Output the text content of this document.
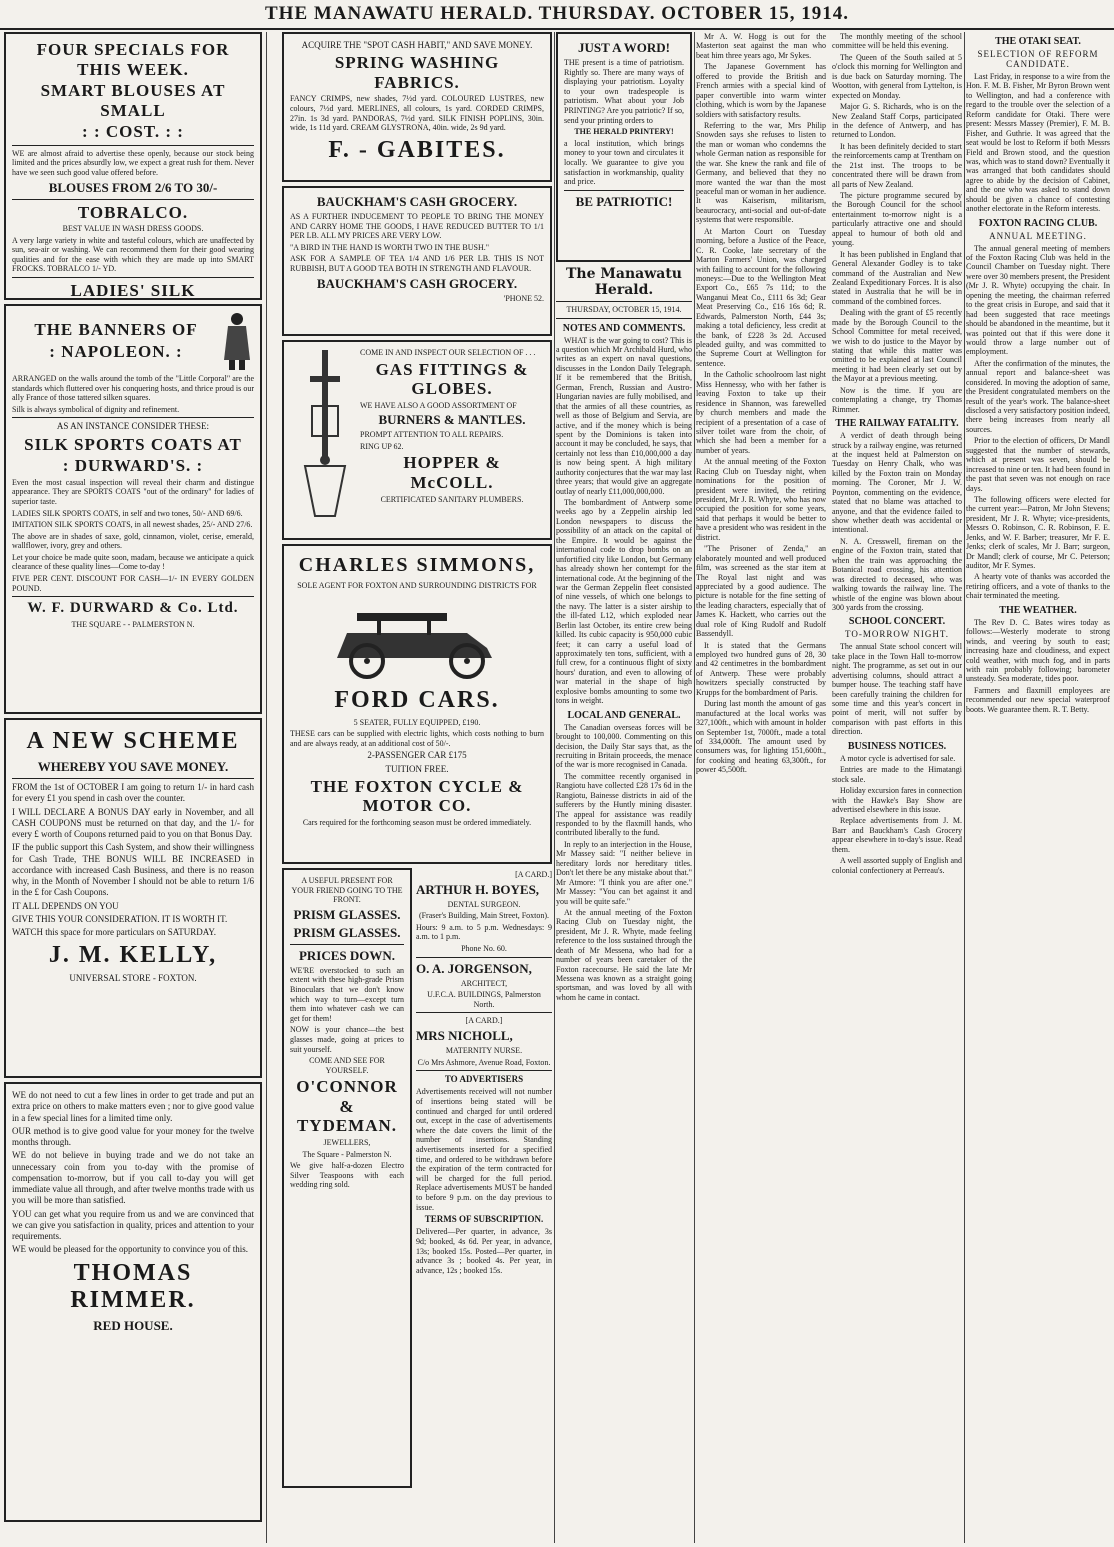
THE MANAWATU HERALD. THURSDAY. OCTOBER 15, 1914.
FOUR SPECIALS FOR THIS WEEK.
SMART BLOUSES AT SMALL
: : COST. : :
WE are almost afraid to advertise these openly, because our stock being limited and the prices absurdly low, we expect a great rush for them. Never have we seen such good value offered before.
BLOUSES FROM 2/6 TO 30/-
TOBRALCO.
BEST VALUE IN WASH DRESS GOODS.
A very large variety in white and tasteful colours, which are unaffected by sun, sea-air or washing. We can recommend them for their good wearing qualities and for the ease with which they are made up into SMART FROCKS. TOBRALCO 1/- YD.
LADIES' SILK

THE BANNERS OF
: NAPOLEON. :
ARRANGED on the walls around the tomb of the "Little Corporal" are the standards which fluttered over his conquering hosts, and thrice proud is our ally France of those tattered silken squares.
Silk is always symbolical of dignity and refinement.
AS AN INSTANCE CONSIDER THESE:
SILK SPORTS COATS AT
: DURWARD'S. :
Even the most casual inspection will reveal their charm and distingue appearance. They are SPORTS COATS "out of the ordinary" for ladies of superior taste.
LADIES SILK SPORTS COATS, in self and two tones, 50/- AND 69/6.
IMITATION SILK SPORTS COATS, in all newest shades, 25/- AND 27/6.
The above are in shades of saxe, gold, cinnamon, violet, cerise, emerald, wallflower, ivory, grey and others.
Let your choice be made quite soon, madam, because we anticipate a quick clearance of these quality lines—Come to-day !
FIVE PER CENT. DISCOUNT FOR CASH—1/- IN EVERY GOLDEN POUND.
W. F. DURWARD & Co. Ltd.
THE SQUARE - - PALMERSTON N.
A NEW SCHEME
WHEREBY YOU SAVE MONEY.
FROM the 1st of OCTOBER I am going to return 1/- in hard cash for every £1 you spend in cash over the counter.
I WILL DECLARE A BONUS DAY early in November, and all CASH COUPONS must be returned on that day, and the 1/- for every £ worth of Coupons returned paid to you on that Bonus Day.
IF the public support this Cash System, and show their willingness for Cash Trade, THE BONUS WILL BE INCREASED in accordance with increased Cash Business, and there is no reason why, in the Month of November I should not be able to return 1/6 in the £ for Cash Coupons.
IT ALL DEPENDS ON YOU
GIVE THIS YOUR CONSIDERATION. IT IS WORTH IT.
WATCH this space for more particulars on SATURDAY.
J. M. KELLY,
UNIVERSAL STORE - FOXTON.
WE do not need to cut a few lines in order to get trade and put an extra price on others to make matters even ; nor to give good value in a few special lines for a limited time only.
OUR method is to give good value for your money for the twelve months through.
WE do not believe in buying trade and we do not take an unnecessary coin from you to-day with the promise of compensation to-morrow, but if you call to-day you will get immediate value all through, and after twelve months trade with us you will be more than satisfied.
YOU can get what you require from us and we are convinced that we can give you satisfaction in quality, prices and attention to your requirements.
WE would be pleased for the opportunity to convince you of this.
THOMAS RIMMER.
RED HOUSE.
ACQUIRE THE "SPOT CASH HABIT," AND SAVE MONEY.
SPRING WASHING FABRICS.
FANCY CRIMPS, new shades, 7½d yard. COLOURED LUSTRES, new colours, 7½d yard. MERLINES, all colours, 1s yard. CORDED CRIMPS, 27in. 1s 3d yard. PANDORAS, 7½d yard. SILK FINISH POPLINS, 30in. wide, 1s 11d yard. CREAM GLYSTRONA, 40in. wide, 2s 9d yard.
F. - GABITES.
BAUCKHAM'S CASH GROCERY.
AS A FURTHER INDUCEMENT TO PEOPLE TO BRING THE MONEY AND CARRY HOME THE GOODS, I HAVE REDUCED BUTTER TO 1/1 PER LB. ALL MY PRICES ARE VERY LOW.
"A BIRD IN THE HAND IS WORTH TWO IN THE BUSH."
ASK FOR A SAMPLE OF TEA 1/4 AND 1/6 PER LB. THIS IS NOT RUBBISH, BUT A GOOD TEA BOTH IN STRENGTH AND FLAVOUR.
BAUCKHAM'S CASH GROCERY.
'PHONE 52.
COME IN AND INSPECT OUR SELECTION OF . . .
GAS FITTINGS & GLOBES.
WE HAVE ALSO A GOOD ASSORTMENT OF
BURNERS & MANTLES.
PROMPT ATTENTION TO ALL REPAIRS.
RING UP 62.
HOPPER & McCOLL.
CERTIFICATED SANITARY PLUMBERS.
CHARLES SIMMONS,
SOLE AGENT FOR FOXTON AND SURROUNDING DISTRICTS FOR
FORD CARS.
5 SEATER, FULLY EQUIPPED, £190.
THESE cars can be supplied with electric lights, which costs nothing to burn and are always ready, at an additional cost of 50/-.
2-PASSENGER CAR £175
TUITION FREE.
THE FOXTON CYCLE & MOTOR CO.
Cars required for the forthcoming season must be ordered immediately.
A USEFUL PRESENT FOR YOUR FRIEND GOING TO THE FRONT.
PRISM GLASSES.
PRISM GLASSES.
PRICES DOWN.
WE'RE overstocked to such an extent with these high-grade Prism Binoculars that we don't know which way to turn—except turn them into whatever cash we can get for them!
NOW is your chance—the best glasses made, going at prices to suit yourself.
COME AND SEE FOR YOURSELF.
O'CONNOR & TYDEMAN.
JEWELLERS,
The Square - Palmerston N.
We give half-a-dozen Electro Silver Teaspoons with each wedding ring sold.
[A CARD.]
ARTHUR H. BOYES,
DENTAL SURGEON.
(Fraser's Building, Main Street, Foxton).
Hours: 9 a.m. to 5 p.m. Wednesdays: 9 a.m. to 1 p.m.
Phone No. 60.
O. A. JORGENSON,
ARCHITECT,
U.F.C.A. BUILDINGS, Palmerston North.
[A CARD.]
MRS NICHOLL,
MATERNITY NURSE.
C/o Mrs Ashmore, Avenue Road, Foxton.
TO ADVERTISERS
Advertisements received will not number of insertions being stated will be continued and charged for until ordered out, except in the case of advertisements where the date covers the limit of the number of insertions. Standing advertisements inserted for a specified time, and ordered to be withdrawn before the expiration of the term contracted for will be charged for the full period. Replace advertisements MUST be handed to before 9 p.m. on the day previous to issue.
TERMS OF SUBSCRIPTION.
Delivered—Per quarter, in advance, 3s 9d; booked, 4s 6d. Per year, in advance, 13s; booked 15s. Posted—Per quarter, in advance 3s ; booked 4s. Per year, in advance, 12s ; booked 15s.
JUST A WORD!
THE present is a time of patriotism. Rightly so. There are many ways of displaying your patriotism. Loyalty to your own tradespeople is patriotism. What about your Job PRINTING? Are you patriotic? If so, send your printing orders to
THE HERALD PRINTERY!
a local institution, which brings money to your town and circulates it locally. We guarantee to give you satisfaction in workmanship, quality and price.
BE PATRIOTIC!
The Manawatu Herald.
THURSDAY, OCTOBER 15, 1914.
NOTES AND COMMENTS.
WHAT is the war going to cost? This is a question which Mr Archibald Hurd, who writes as an expert on naval questions, discusses in the London Daily Telegraph. If it be remembered that the British, German, French, Russian and Austro-Hungarian navies are fully mobilised, and that the armies of all these countries, as well as those of Belgium and Servia, are active, and if the money which is being spent by the Dominions is taken into account it may be concluded, he says, that certainly not less than £10,000,000 a day is now being spent. A high military authority conjectures that the war may last three years; that would give an aggregate outlay of nearly £11,000,000,000.
The bombardment of Antwerp some weeks ago by a Zeppelin airship led London newspapers to discuss the possibility of an attack on the capital of the Empire. It would be against the international code to drop bombs on an unfortified city like London, but Germany has already shown her contempt for the international code. At the beginning of the war the German Zeppelin fleet consisted of nine vessels, of which one belongs to the navy. The latter is a sister airship to the ill-fated L12, which exploded near Berlin last October, its entire crew being killed. Its cubic capacity is 950,000 cubic feet; it can carry a useful load of approximately ten tons, sufficient, with a full crew, for a continuous flight of sixty hours' duration, and even to allowing of war material in the shape of high explosive bombs amounting to some two tons in weight.
LOCAL AND GENERAL.
The Canadian overseas forces will be brought to 100,000. Commenting on this decision, the Daily Star says that, as the recruiting in Britain proceeds, the menace of the war is more recognised in Canada.
The committee recently organised in Rangiotu have collected £28 17s 6d in the Rangiotu, Bainesse districts in aid of the sufferers by the Huntly mining disaster. The appeal for assistance was readily responded to by the flaxmill hands, who contributed liberally to the fund.
In reply to an interjection in the House, Mr Massey said: "I neither believe in hereditary lords nor hereditary titles. Don't let there be any mistake about that." Mr Atmore: "I think you are after one." Mr Massey: "You can bet against it and you will be quite safe."
At the annual meeting of the Foxton Racing Club on Tuesday night, the president, Mr J. R. Whyte, made feeling reference to the loss sustained through the death of Mr Messena, who had for a number of years been caretaker of the Foxton racecourse. He said the late Mr Messena was known as a straight going sportsman, and was loved by all with whom he came in contact.
Mr A. W. Hogg is out for the Masterton seat against the man who beat him three years ago, Mr Sykes.
The Japanese Government has offered to provide the British and French armies with a special kind of paper convertible into warm winter clothing, which is worn by the Japanese soldiers with satisfactory results.
Referring to the war, Mrs Philip Snowden says she refuses to listen to the man or woman who condemns the whole German nation as responsible for the war. She knew the rank and file of Germany, and believed that they no more wanted the war than the most peaceful man or woman in her audience. It was Kaiserism, militarism, beaurocracy, anti-social and out-of-date systems that were responsible.
At Marton Court on Tuesday morning, before a Justice of the Peace, C. R. Cooke, late secretary of the Marton Farmers' Union, was charged with failing to account for the following moneys:—Due to the Wellington Meat Export Co., £65 7s 11d; to the Wanganui Meat Co., £111 6s 3d; Gear Meat Preserving Co., £16 16s 6d; R. Edwards, Palmerston North, £44 3s; making a total deficiency, less credit at the bank, of £228 3s 2d. Accused pleaded guilty, and was committed to the Supreme Court at Wellington for sentence.
In the Catholic schoolroom last night Miss Hennessy, who with her father is leaving Foxton to take up their residence in Shannon, was farewelled by church members and made the recipient of a presentation of a case of silver toilet ware from the choir, of which she had been a member for a number of years.
At the annual meeting of the Foxton Racing Club on Tuesday night, when nominations for the position of president were invited, the retiring president, Mr J. R. Whyte, who has now occupied the position for some years, said that perhaps it would be better to have a president who was resident in the district.
"The Prisoner of Zenda," an elaborately mounted and well produced film, was screened as the star item at The Royal last night and was appreciated by a good audience. The picture is notable for the fine setting of the leading characters, especially that of James K. Hackett, who carries out the dual role of King Rudolf and Rudolf Bassendyll.
It is stated that the Germans employed two hundred guns of 28, 30 and 42 centimetres in the bombardment of Antwerp. These were probably howitzers specially constructed by Krupps for the bombardment of Paris.
During last month the amount of gas manufactured at the local works was 327,100ft., which with amount in holder on September 1st, 7000ft., made a total of 334,000ft. The amount used by consumers was, for lighting 151,600ft., for cooking and heating 63,300ft., for power 45,500ft.
The monthly meeting of the school committee will be held this evening.
The Queen of the South sailed at 5 o'clock this morning for Wellington and is due back on Saturday morning. The Wootton, with general from Lyttelton, is expected on Monday.
Major G. S. Richards, who is on the New Zealand Staff Corps, participated in the defence of Antwerp, and has returned to London.
It has been definitely decided to start the reinforcements camp at Trentham on the 21st inst. The troops to be concentrated there will be drawn from all parts of New Zealand.
The picture programme secured by the Borough Council for the school entertainment to-morrow night is a particularly attractive one and should appeal to humour of both old and young.
It has been published in England that General Alexander Godley is to take command of the Australian and New Zealand Expeditionary Forces. It is also stated in Australia that he will be in command of the combined forces.
Dealing with the grant of £5 recently made by the Borough Council to the School Committee for metal received, we wish to do justice to the Mayor by stating that while this matter was omitted to be explained at last Council meeting it had been clearly set out by the Mayor at a previous meeting.
Now is the time. If you are contemplating a change, try Thomas Rimmer.
THE RAILWAY FATALITY.
A verdict of death through being struck by a railway engine, was returned at the inquest held at Palmerston on Tuesday on Henry Chalk, who was killed by the Foxton train on Monday morning. The Coroner, Mr J. W. Poynton, commenting on the evidence, stated that no blame was attached to anyone, and that the evidence failed to show whether death was accidental or intentional.
N. A. Cresswell, fireman on the engine of the Foxton train, stated that when the train was approaching the Botanical road crossing, his attention was directed to deceased, who was walking towards the railway line. The whistle of the engine was blown about 300 yards from the crossing.
SCHOOL CONCERT.
TO-MORROW NIGHT.
The annual State school concert will take place in the Town Hall to-morrow night. The programme, as set out in our advertising columns, should attract a bumper house. The teaching staff have been carefully training the children for some time and this year's concert in point of merit, will not suffer by comparison with past efforts in this direction.
BUSINESS NOTICES.
A motor cycle is advertised for sale.
Entries are made to the Himatangi stock sale.
Holiday excursion fares in connection with the Hawke's Bay Show are advertised elsewhere in this issue.
Replace advertisements from J. M. Barr and Bauckham's Cash Grocery appear elsewhere in to-day's issue. Read them.
A well assorted supply of English and colonial confectionery at Perreau's.
THE OTAKI SEAT.
SELECTION OF REFORM CANDIDATE.
Last Friday, in response to a wire from the Hon. F. M. B. Fisher, Mr Byron Brown went to Wellington, and had a conference with regard to the trouble over the selection of a Reform candidate for Otaki. There were present: Messrs Massey (Premier), F. M. B. Fisher, and Guthrie. It was agreed that the seat would be lost to Reform if both Messrs Field and Brown stood, and the question was, which was to stand down? Eventually it was arranged that both candidates should agree to abide by the decision of Cabinet, and the one who was asked to stand down should be given a chance of contesting another electorate in the Reform interests.
FOXTON RACING CLUB.
ANNUAL MEETING.
The annual general meeting of members of the Foxton Racing Club was held in the Council Chamber on Tuesday night. There were over 30 members present, the President (Mr J. R. Whyte) occupying the chair. In opening the meeting, the chairman referred to the great crisis in Europe, and said that it had been suggested that race meetings should be abandoned in the meantime, but it was pointed out that if this were done it would throw a large number out of employment.
After the confirmation of the minutes, the annual report and balance-sheet was considered. In moving the adoption of same, the President congratulated members on the result of the year's work. The balance-sheet disclosed a very satisfactory position indeed, there being increases from nearly all sources.
Prior to the election of officers, Dr Mandl suggested that the number of stewards, which at present was seven, should be increased to nine or ten. It had been found in the past that seven was not enough on race days.
The following officers were elected for the current year:—Patron, Mr John Stevens; president, Mr J. R. Whyte; vice-presidents, Messrs O. Robinson, C. R. Robinson, F. E. Jenks, and W. F. Barber; treasurer, Mr F. E. Jenks; clerk of scales, Mr J. Barr; surgeon, Dr Mandl; clerk of course, Mr C. Peterson; auditor, Mr F. Symes.
A hearty vote of thanks was accorded the retiring officers, and a vote of thanks to the chair terminated the meeting.
THE WEATHER.
The Rev D. C. Bates wires today as follows:—Westerly moderate to strong winds, and veering by south to east; increasing haze and cloudiness, and expect cold weather, with much fog, and in parts with rain probably following; barometer unsteady. Sea moderate, tides poor.
Farmers and flaxmill employees are recommended our new special waterproof boots. We guarantee them. R. T. Betty.
